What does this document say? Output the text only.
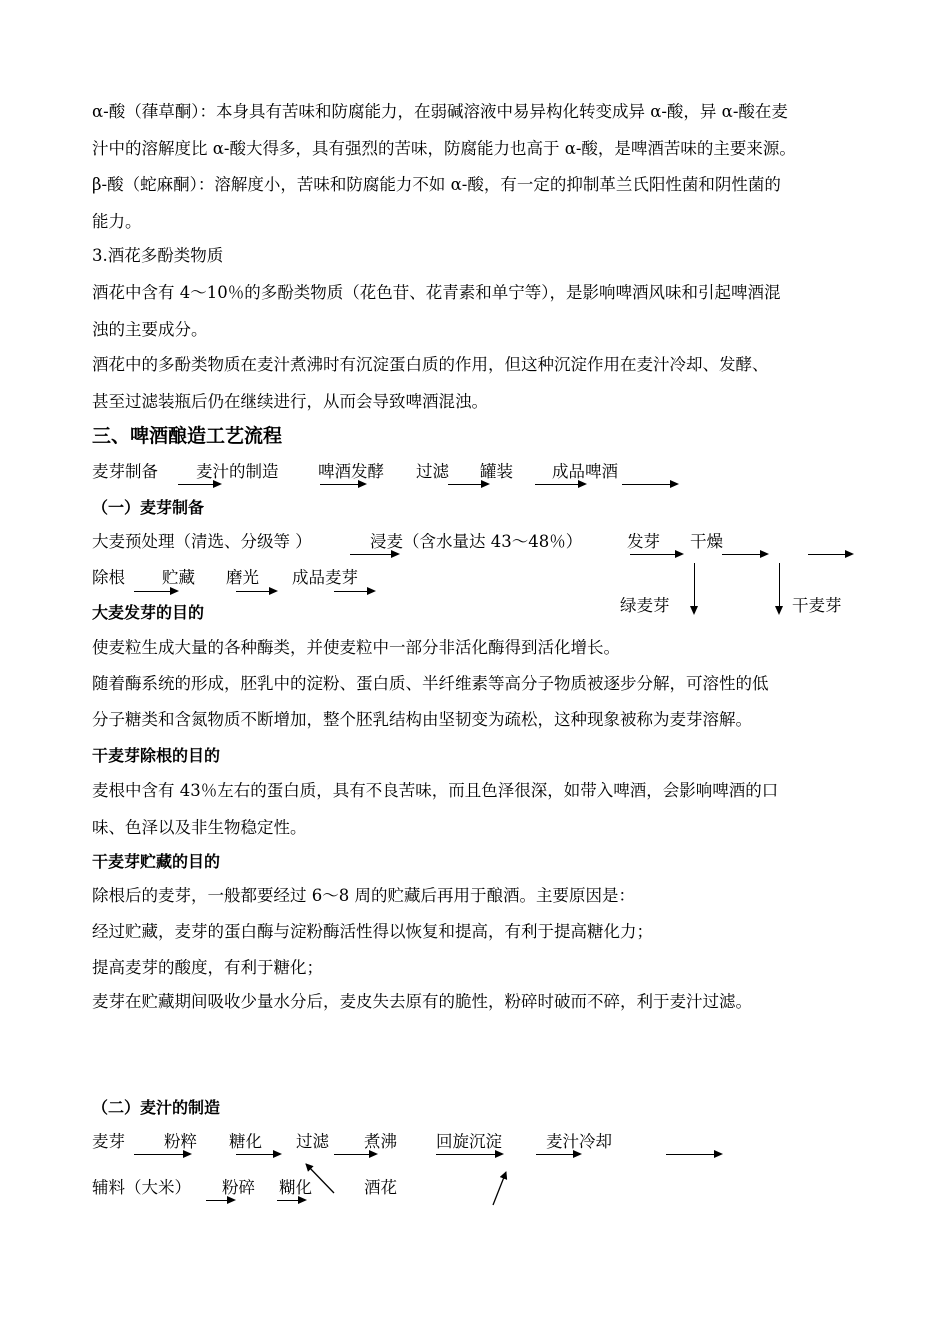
α-酸（葎草酮）：本身具有苦味和防腐能力，在弱碱溶液中易异构化转变成异 α-酸，异 α-酸在麦
汁中的溶解度比 α-酸大得多，具有强烈的苦味，防腐能力也高于 α-酸，是啤酒苦味的主要来源。
β-酸（蛇麻酮）：溶解度小，苦味和防腐能力不如 α-酸，有一定的抑制革兰氏阳性菌和阴性菌的
能力。
3.酒花多酚类物质
酒花中含有 4～10％的多酚类物质（花色苷、花青素和单宁等），是影响啤酒风味和引起啤酒混
浊的主要成分。
酒花中的多酚类物质在麦汁煮沸时有沉淀蛋白质的作用，但这种沉淀作用在麦汁冷却、发酵、
甚至过滤装瓶后仍在继续进行，从而会导致啤酒混浊。
三、啤酒酿造工艺流程
麦芽制备 麦汁的制造 啤酒发酵 过滤 罐装 成品啤酒
（一）麦芽制备
大麦预处理（清选、分级等 ）	浸麦（含水量达 43～48％）	发芽 干燥
除根 贮藏 磨光 成品麦芽
绿麦芽	干麦芽
大麦发芽的目的
使麦粒生成大量的各种酶类，并使麦粒中一部分非活化酶得到活化增长。
随着酶系统的形成，胚乳中的淀粉、蛋白质、半纤维素等高分子物质被逐步分解，可溶性的低
分子糖类和含氮物质不断增加，整个胚乳结构由坚韧变为疏松，这种现象被称为麦芽溶解。
干麦芽除根的目的
麦根中含有 43％左右的蛋白质，具有不良苦味，而且色泽很深，如带入啤酒，会影响啤酒的口
味、色泽以及非生物稳定性。
干麦芽贮藏的目的
除根后的麦芽，一般都要经过 6～8 周的贮藏后再用于酿酒。主要原因是：
经过贮藏，麦芽的蛋白酶与淀粉酶活性得以恢复和提高，有利于提高糖化力；
提高麦芽的酸度，有利于糖化；
麦芽在贮藏期间吸收少量水分后，麦皮失去原有的脆性，粉碎时破而不碎，利于麦汁过滤。
（二）麦汁的制造
麦芽 粉粹 糖化 过滤 煮沸 回旋沉淀	麦汁冷却
辅料（大米） 粉碎 糊化	酒花
